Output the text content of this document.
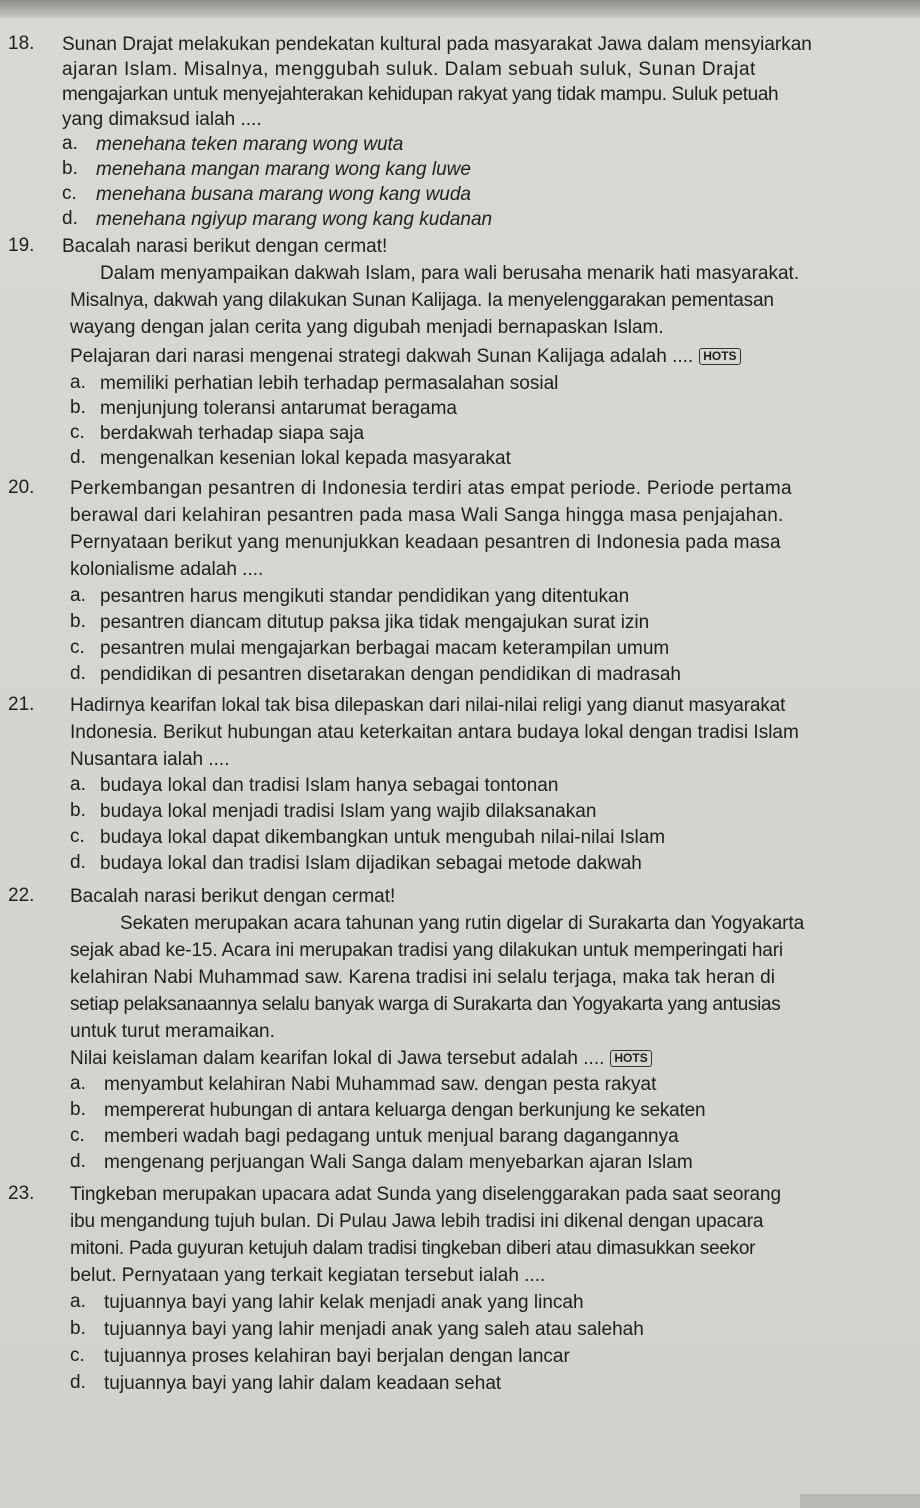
18. Sunan Drajat melakukan pendekatan kultural pada masyarakat Jawa dalam mensyiarkan
ajaran Islam. Misalnya, menggubah suluk. Dalam sebuah suluk, Sunan Drajat
mengajarkan untuk menyejahterakan kehidupan rakyat yang tidak mampu. Suluk petuah
yang dimaksud ialah ....
a. menehana teken marang wong wuta
b. menehana mangan marang wong kang luwe
c. menehana busana marang wong kang wuda
d. menehana ngiyup marang wong kang kudanan
19. Bacalah narasi berikut dengan cermat!
Dalam menyampaikan dakwah Islam, para wali berusaha menarik hati masyarakat.
Misalnya, dakwah yang dilakukan Sunan Kalijaga. Ia menyelenggarakan pementasan
wayang dengan jalan cerita yang digubah menjadi bernapaskan Islam.
Pelajaran dari narasi mengenai strategi dakwah Sunan Kalijaga adalah .... HOTS
a. memiliki perhatian lebih terhadap permasalahan sosial
b. menjunjung toleransi antarumat beragama
c. berdakwah terhadap siapa saja
d. mengenalkan kesenian lokal kepada masyarakat
20. Perkembangan pesantren di Indonesia terdiri atas empat periode. Periode pertama
berawal dari kelahiran pesantren pada masa Wali Sanga hingga masa penjajahan.
Pernyataan berikut yang menunjukkan keadaan pesantren di Indonesia pada masa
kolonialisme adalah ....
a. pesantren harus mengikuti standar pendidikan yang ditentukan
b. pesantren diancam ditutup paksa jika tidak mengajukan surat izin
c. pesantren mulai mengajarkan berbagai macam keterampilan umum
d. pendidikan di pesantren disetarakan dengan pendidikan di madrasah
21. Hadirnya kearifan lokal tak bisa dilepaskan dari nilai-nilai religi yang dianut masyarakat
Indonesia. Berikut hubungan atau keterkaitan antara budaya lokal dengan tradisi Islam
Nusantara ialah ....
a. budaya lokal dan tradisi Islam hanya sebagai tontonan
b. budaya lokal menjadi tradisi Islam yang wajib dilaksanakan
c. budaya lokal dapat dikembangkan untuk mengubah nilai-nilai Islam
d. budaya lokal dan tradisi Islam dijadikan sebagai metode dakwah
22. Bacalah narasi berikut dengan cermat!
Sekaten merupakan acara tahunan yang rutin digelar di Surakarta dan Yogyakarta
sejak abad ke-15. Acara ini merupakan tradisi yang dilakukan untuk memperingati hari
kelahiran Nabi Muhammad saw. Karena tradisi ini selalu terjaga, maka tak heran di
setiap pelaksanaannya selalu banyak warga di Surakarta dan Yogyakarta yang antusias
untuk turut meramaikan.
Nilai keislaman dalam kearifan lokal di Jawa tersebut adalah .... HOTS
a. menyambut kelahiran Nabi Muhammad saw. dengan pesta rakyat
b. mempererat hubungan di antara keluarga dengan berkunjung ke sekaten
c. memberi wadah bagi pedagang untuk menjual barang dagangannya
d. mengenang perjuangan Wali Sanga dalam menyebarkan ajaran Islam
23. Tingkeban merupakan upacara adat Sunda yang diselenggarakan pada saat seorang
ibu mengandung tujuh bulan. Di Pulau Jawa lebih tradisi ini dikenal dengan upacara
mitoni. Pada guyuran ketujuh dalam tradisi tingkeban diberi atau dimasukkan seekor
belut. Pernyataan yang terkait kegiatan tersebut ialah ....
a. tujuannya bayi yang lahir kelak menjadi anak yang lincah
b. tujuannya bayi yang lahir menjadi anak yang saleh atau salehah
c. tujuannya proses kelahiran bayi berjalan dengan lancar
d. tujuannya bayi yang lahir dalam keadaan sehat
